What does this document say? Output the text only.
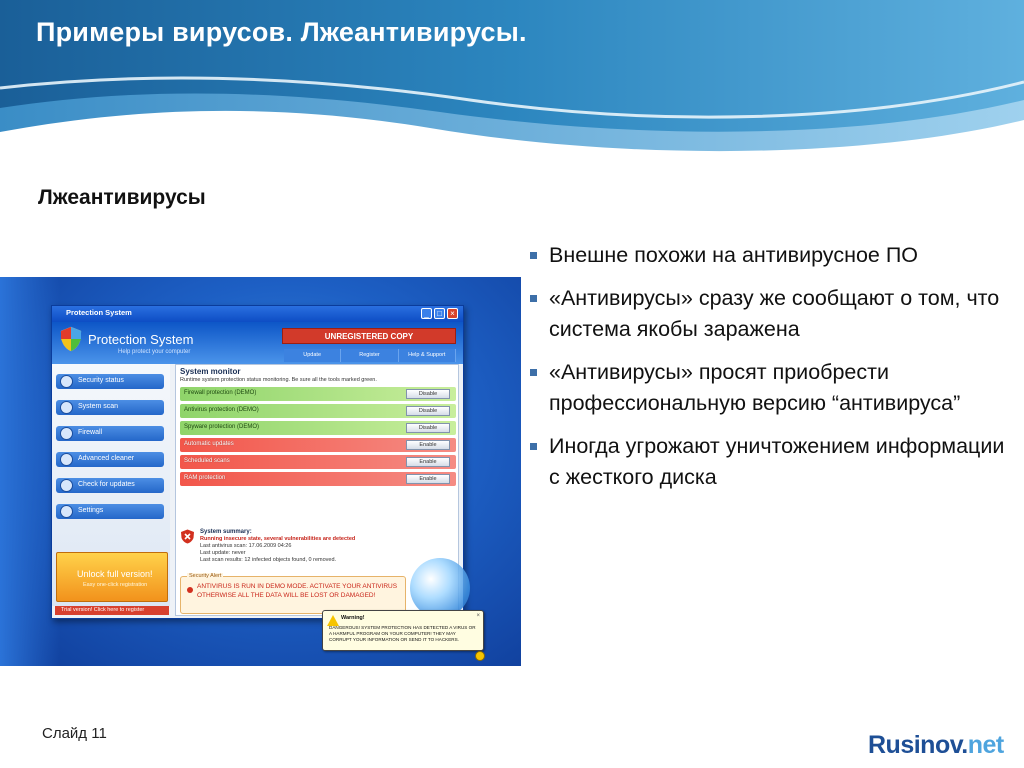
Примеры вирусов. Лжеантивирусы.
Лжеантивирусы
Внешне похожи на антивирусное ПО
«Антивирусы» сразу же сообщают о том, что система якобы заражена
«Антивирусы» просят приобрести профессиональную версию “антивируса”
Иногда угрожают уничтожением информации с жесткого диска
Protection System	_	□	×
Protection System
Help protect your computer
UNREGISTERED COPY
Update	Register	Help & Support
Security status
System scan
Firewall
Advanced cleaner
Check for updates
Settings
Unlock full version!
Easy one-click registration
Trial version! Click here to register
System monitor
Runtime system protection status monitoring. Be sure all the tools marked green.
Firewall protection (DEMO)	Disable
Antivirus protection (DEMO)	Disable
Spyware protection (DEMO)	Disable
Automatic updates	Enable
Scheduled scans	Enable
RAM protection	Enable
System summary:
Running insecure state, several vulnerabilities are detected
Last antivirus scan: 17.06.2009 04:26
Last update: never
Last scan results: 12 infected objects found, 0 removed.
Security Alert
ANTIVIRUS IS RUN IN DEMO MODE. ACTIVATE YOUR ANTIVIRUS OTHERWISE ALL THE DATA WILL BE LOST OR DAMAGED!
Warning!	×
DANGEROUS! SYSTEM PROTECTION HAS DETECTED A VIRUS OR A HARMFUL PROGRAM ON YOUR COMPUTER! THEY MAY CORRUPT YOUR INFORMATION OR SEND IT TO HACKERS.
Слайд 11	Rusinov.net
